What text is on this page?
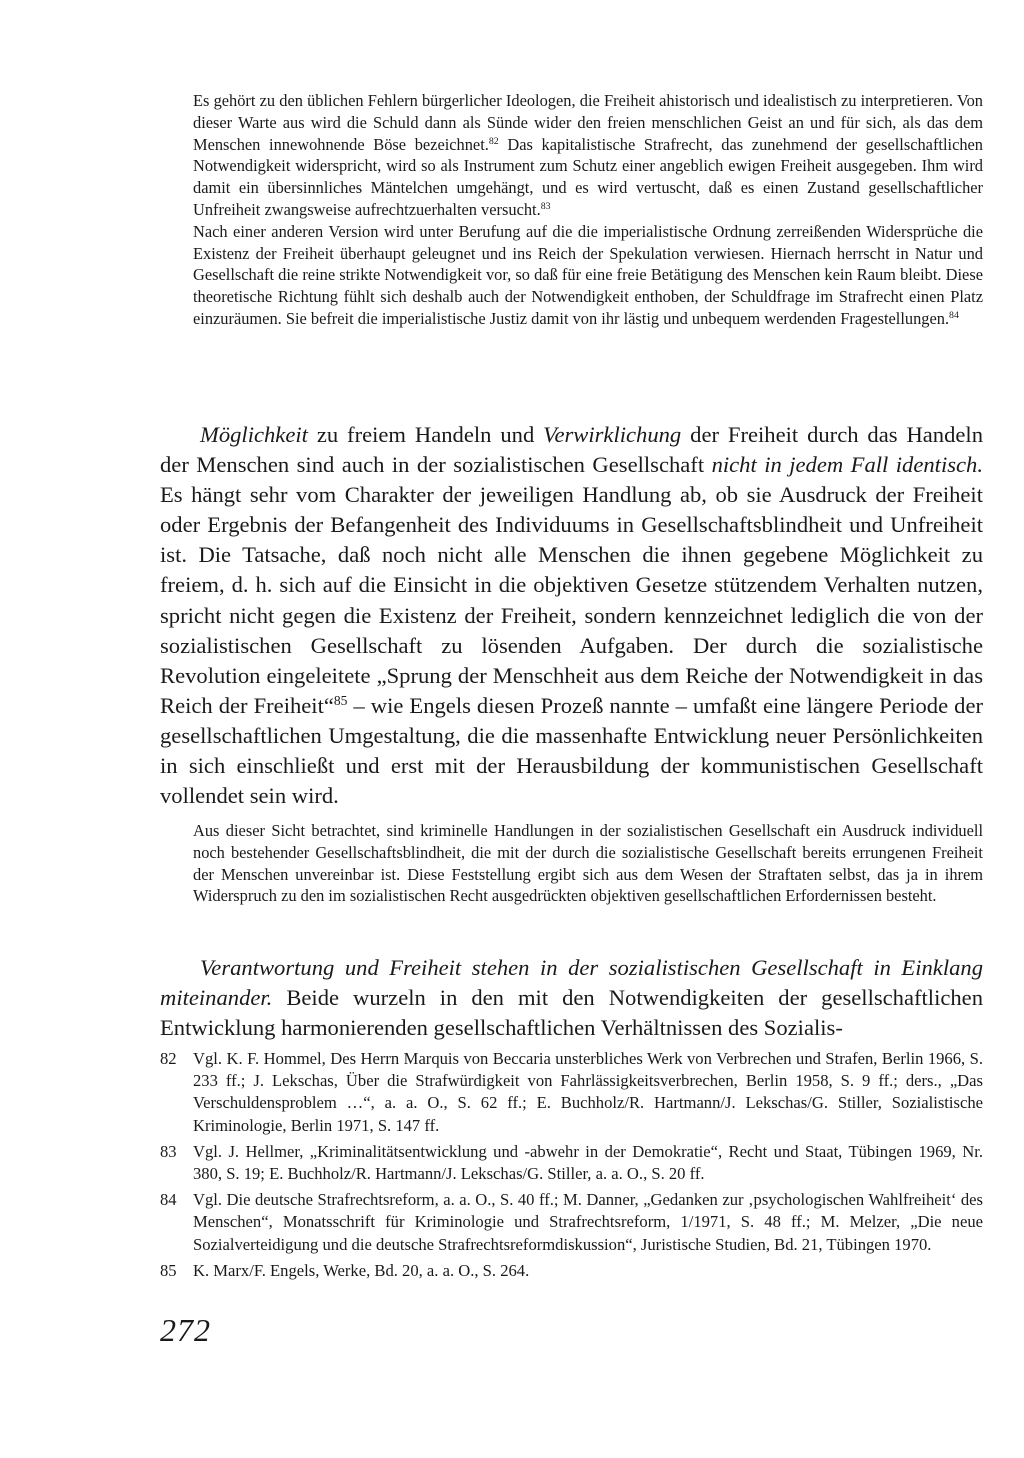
Es gehört zu den üblichen Fehlern bürgerlicher Ideologen, die Freiheit ahistorisch und idealistisch zu interpretieren. Von dieser Warte aus wird die Schuld dann als Sünde wider den freien menschlichen Geist an und für sich, als das dem Menschen innewohnende Böse bezeichnet.$^{82}$ Das kapitalistische Strafrecht, das zunehmend der gesellschaftlichen Notwendigkeit widerspricht, wird so als Instrument zum Schutz einer angeblich ewigen Freiheit ausgegeben. Ihm wird damit ein übersinnliches Mäntelchen umgehängt, und es wird vertuscht, daß es einen Zustand gesellschaftlicher Unfreiheit zwangsweise aufrechtzuerhalten versucht.$^{83}$

Nach einer anderen Version wird unter Berufung auf die die imperialistische Ordnung zerreißenden Widersprüche die Existenz der Freiheit überhaupt geleugnet und ins Reich der Spekulation verwiesen. Hiernach herrscht in Natur und Gesellschaft die reine strikte Notwendigkeit vor, so daß für eine freie Betätigung des Menschen kein Raum bleibt. Diese theoretische Richtung fühlt sich deshalb auch der Notwendigkeit enthoben, der Schuldfrage im Strafrecht einen Platz einzuräumen. Sie befreit die imperialistische Justiz damit von ihr lästig und unbequem werdenden Fragestellungen.$^{84}$

Möglichkeit zu freiem Handeln und Verwirklichung der Freiheit durch das Handeln der Menschen sind auch in der sozialistischen Gesellschaft nicht in jedem Fall identisch. Es hängt sehr vom Charakter der jeweiligen Handlung ab, ob sie Ausdruck der Freiheit oder Ergebnis der Befangenheit des Individuums in Gesellschaftsblindheit und Unfreiheit ist. Die Tatsache, daß noch nicht alle Menschen die ihnen gegebene Möglichkeit zu freiem, d. h. sich auf die Einsicht in die objektiven Gesetze stützendem Verhalten nutzen, spricht nicht gegen die Existenz der Freiheit, sondern kennzeichnet lediglich die von der sozialistischen Gesellschaft zu lösenden Aufgaben. Der durch die sozialistische Revolution eingeleitete „Sprung der Menschheit aus dem Reiche der Notwendigkeit in das Reich der Freiheit“$^{85}$ – wie Engels diesen Prozeß nannte – umfaßt eine längere Periode der gesellschaftlichen Umgestaltung, die die massenhafte Entwicklung neuer Persönlichkeiten in sich einschließt und erst mit der Herausbildung der kommunistischen Gesellschaft vollendet sein wird.

Aus dieser Sicht betrachtet, sind kriminelle Handlungen in der sozialistischen Gesellschaft ein Ausdruck individuell noch bestehender Gesellschaftsblindheit, die mit der durch die sozialistische Gesellschaft bereits errungenen Freiheit der Menschen unvereinbar ist. Diese Feststellung ergibt sich aus dem Wesen der Straftaten selbst, das ja in ihrem Widerspruch zu den im sozialistischen Recht ausgedrückten objektiven gesellschaftlichen Erfordernissen besteht.

Verantwortung und Freiheit stehen in der sozialistischen Gesellschaft in Einklang miteinander. Beide wurzeln in den mit den Notwendigkeiten der gesellschaftlichen Entwicklung harmonierenden gesellschaftlichen Verhältnissen des Sozialis-

82 Vgl. K. F. Hommel, Des Herrn Marquis von Beccaria unsterbliches Werk von Verbrechen und Strafen, Berlin 1966, S. 233 ff.; J. Lekschas, Über die Strafwürdigkeit von Fahrlässigkeitsverbrechen, Berlin 1958, S. 9 ff.; ders., „Das Verschuldensproblem …“, a. a. O., S. 62 ff.; E. Buchholz/R. Hartmann/J. Lekschas/G. Stiller, Sozialistische Kriminologie, Berlin 1971, S. 147 ff.
83 Vgl. J. Hellmer, „Kriminalitätsentwicklung und -abwehr in der Demokratie“, Recht und Staat, Tübingen 1969, Nr. 380, S. 19; E. Buchholz/R. Hartmann/J. Lekschas/G. Stiller, a. a. O., S. 20 ff.
84 Vgl. Die deutsche Strafrechtsreform, a. a. O., S. 40 ff.; M. Danner, „Gedanken zur ‚psychologischen Wahlfreiheit‘ des Menschen“, Monatsschrift für Kriminologie und Strafrechtsreform, 1/1971, S. 48 ff.; M. Melzer, „Die neue Sozialverteidigung und die deutsche Strafrechtsreformdiskussion“, Juristische Studien, Bd. 21, Tübingen 1970.
85 K. Marx/F. Engels, Werke, Bd. 20, a. a. O., S. 264.
272
